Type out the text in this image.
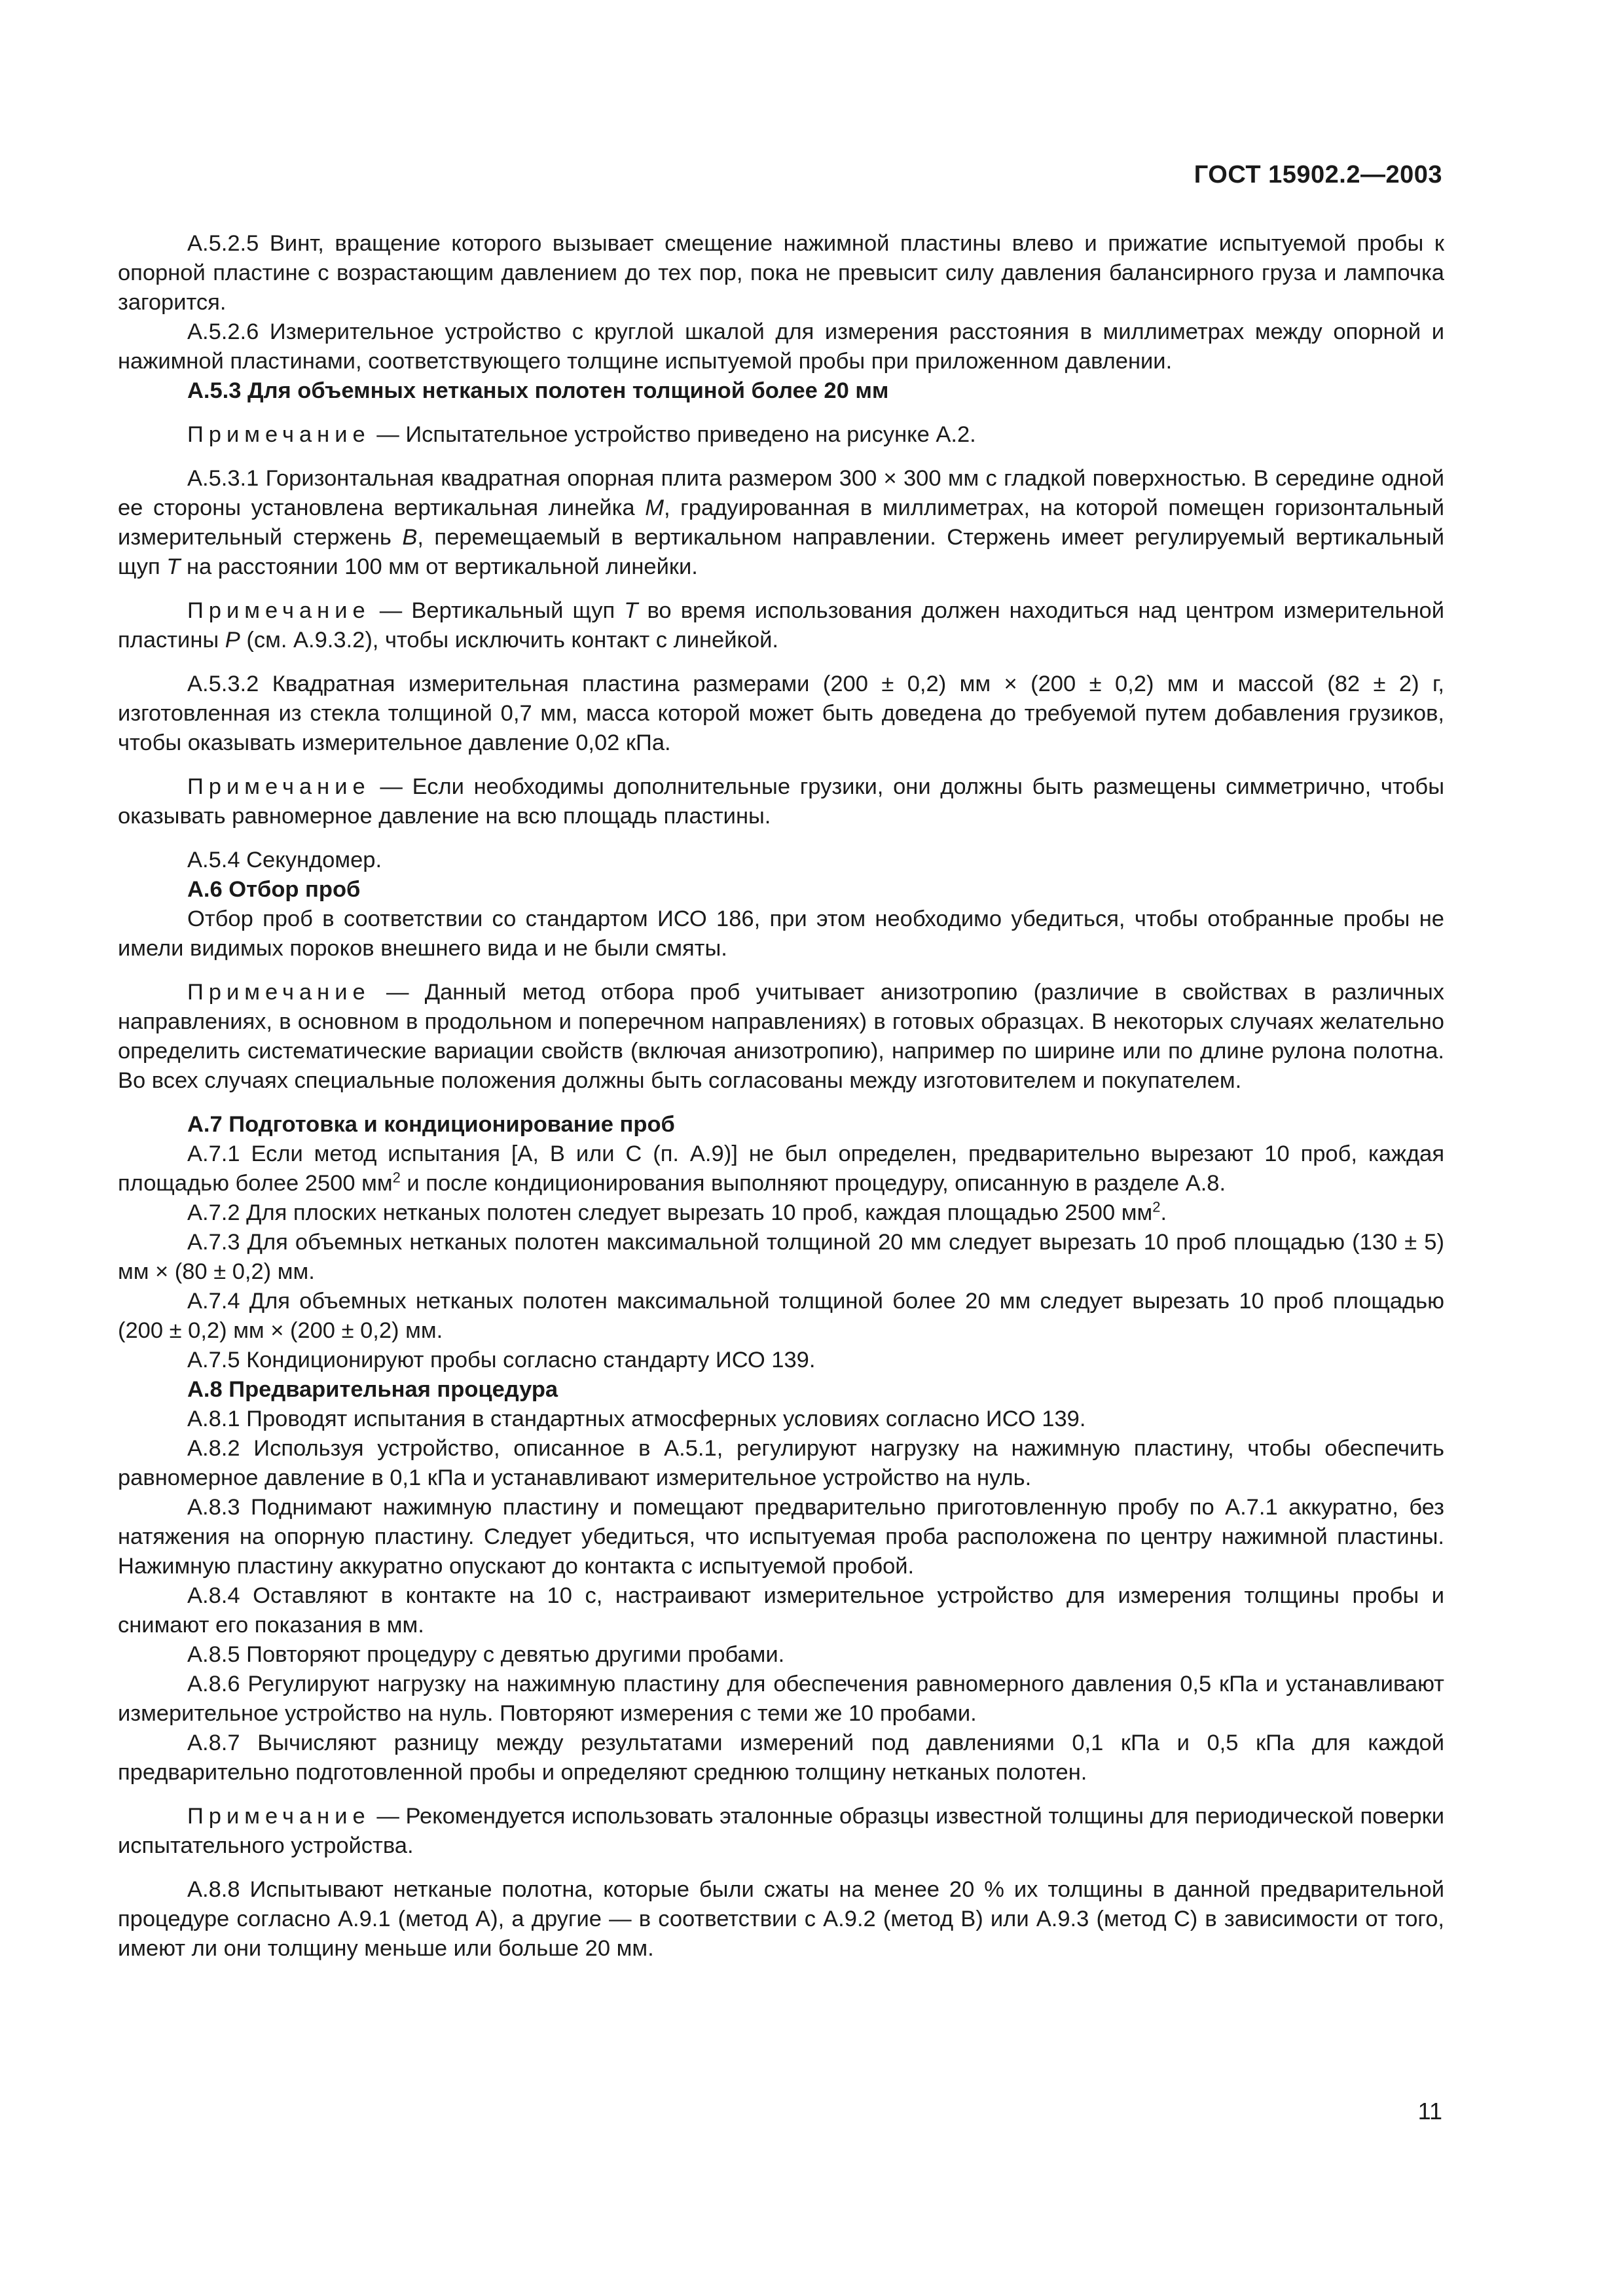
ГОСТ 15902.2—2003

А.5.2.5 Винт, вращение которого вызывает смещение нажимной пластины влево и прижатие испытуемой пробы к опорной пластине с возрастающим давлением до тех пор, пока не превысит силу давления балансирного груза и лампочка загорится.

А.5.2.6 Измерительное устройство с круглой шкалой для измерения расстояния в миллиметрах между опорной и нажимной пластинами, соответствующего толщине испытуемой пробы при приложенном давлении.

А.5.3 Для объемных нетканых полотен толщиной более 20 мм

Примечание — Испытательное устройство приведено на рисунке А.2.

А.5.3.1 Горизонтальная квадратная опорная плита размером 300 × 300 мм с гладкой поверхностью. В середине одной ее стороны установлена вертикальная линейка М, градуированная в миллиметрах, на которой помещен горизонтальный измерительный стержень В, перемещаемый в вертикальном направлении. Стержень имеет регулируемый вертикальный щуп Т на расстоянии 100 мм от вертикальной линейки.

Примечание — Вертикальный щуп Т во время использования должен находиться над центром измерительной пластины Р (см. А.9.3.2), чтобы исключить контакт с линейкой.

А.5.3.2 Квадратная измерительная пластина размерами (200 ± 0,2) мм × (200 ± 0,2) мм и массой (82 ± 2) г, изготовленная из стекла толщиной 0,7 мм, масса которой может быть доведена до требуемой путем добавления грузиков, чтобы оказывать измерительное давление 0,02 кПа.

Примечание — Если необходимы дополнительные грузики, они должны быть размещены симметрично, чтобы оказывать равномерное давление на всю площадь пластины.

А.5.4 Секундомер.

А.6 Отбор проб

Отбор проб в соответствии со стандартом ИСО 186, при этом необходимо убедиться, чтобы отобранные пробы не имели видимых пороков внешнего вида и не были смяты.

Примечание — Данный метод отбора проб учитывает анизотропию (различие в свойствах в различных направлениях, в основном в продольном и поперечном направлениях) в готовых образцах. В некоторых случаях желательно определить систематические вариации свойств (включая анизотропию), например по ширине или по длине рулона полотна. Во всех случаях специальные положения должны быть согласованы между изготовителем и покупателем.

А.7 Подготовка и кондиционирование проб

А.7.1 Если метод испытания [А, В или С (п. А.9)] не был определен, предварительно вырезают 10 проб, каждая площадью более 2500 $мм^2$ и после кондиционирования выполняют процедуру, описанную в разделе А.8.

А.7.2 Для плоских нетканых полотен следует вырезать 10 проб, каждая площадью 2500 $мм^2$.

А.7.3 Для объемных нетканых полотен максимальной толщиной 20 мм следует вырезать 10 проб площадью (130 ± 5) мм × (80 ± 0,2) мм.

А.7.4 Для объемных нетканых полотен максимальной толщиной более 20 мм следует вырезать 10 проб площадью (200 ± 0,2) мм × (200 ± 0,2) мм.

А.7.5 Кондиционируют пробы согласно стандарту ИСО 139.

А.8 Предварительная процедура

А.8.1 Проводят испытания в стандартных атмосферных условиях согласно ИСО 139.

А.8.2 Используя устройство, описанное в А.5.1, регулируют нагрузку на нажимную пластину, чтобы обеспечить равномерное давление в 0,1 кПа и устанавливают измерительное устройство на нуль.

А.8.3 Поднимают нажимную пластину и помещают предварительно приготовленную пробу по А.7.1 аккуратно, без натяжения на опорную пластину. Следует убедиться, что испытуемая проба расположена по центру нажимной пластины. Нажимную пластину аккуратно опускают до контакта с испытуемой пробой.

А.8.4 Оставляют в контакте на 10 с, настраивают измерительное устройство для измерения толщины пробы и снимают его показания в мм.

А.8.5 Повторяют процедуру с девятью другими пробами.

А.8.6 Регулируют нагрузку на нажимную пластину для обеспечения равномерного давления 0,5 кПа и устанавливают измерительное устройство на нуль. Повторяют измерения с теми же 10 пробами.

А.8.7 Вычисляют разницу между результатами измерений под давлениями 0,1 кПа и 0,5 кПа для каждой предварительно подготовленной пробы и определяют среднюю толщину нетканых полотен.

Примечание — Рекомендуется использовать эталонные образцы известной толщины для периодической поверки испытательного устройства.

А.8.8 Испытывают нетканые полотна, которые были сжаты на менее 20 % их толщины в данной предварительной процедуре согласно А.9.1 (метод А), а другие — в соответствии с А.9.2 (метод В) или А.9.3 (метод С) в зависимости от того, имеют ли они толщину меньше или больше 20 мм.

11
